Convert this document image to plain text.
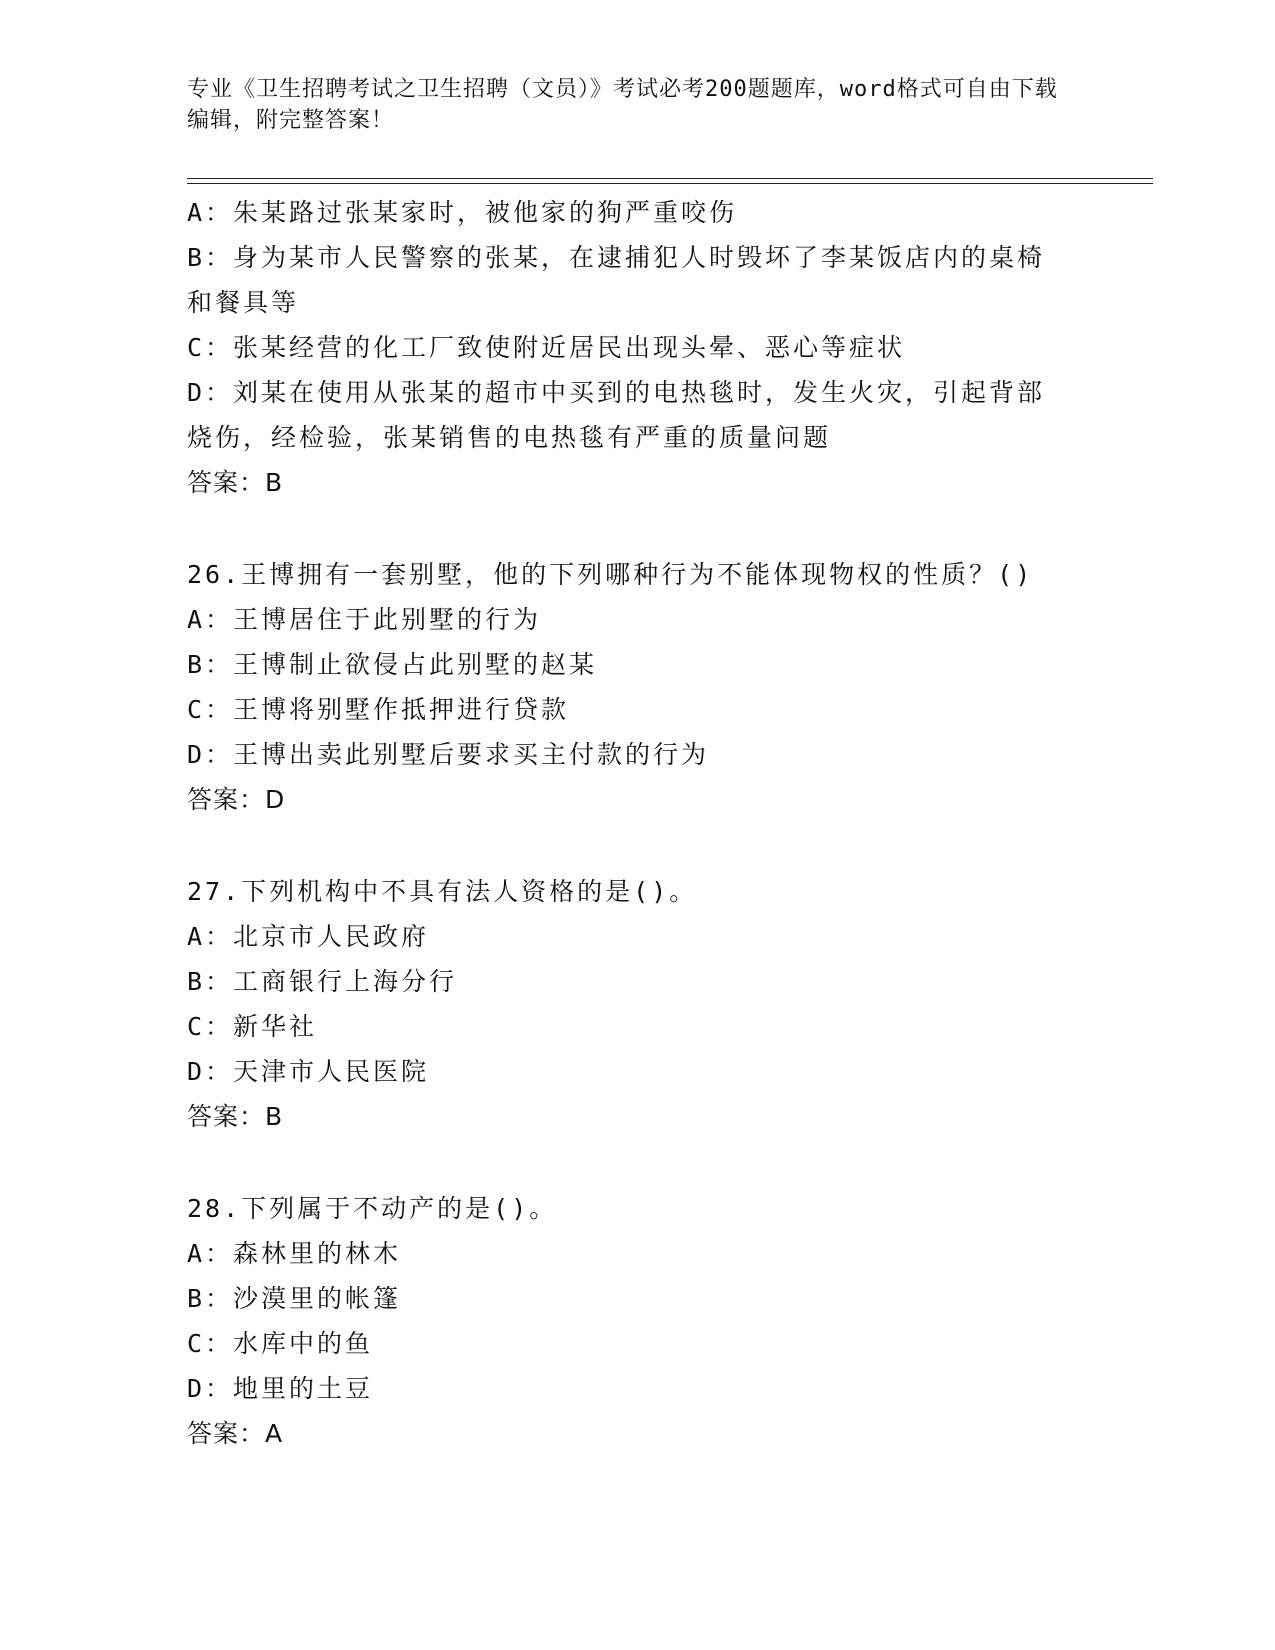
专业《卫生招聘考试之卫生招聘（文员）》考试必考200题题库，word格式可自由下载编辑，附完整答案！
A：朱某路过张某家时，被他家的狗严重咬伤
B：身为某市人民警察的张某，在逮捕犯人时毁坏了李某饭店内的桌椅
和餐具等
C：张某经营的化工厂致使附近居民出现头晕、恶心等症状
D：刘某在使用从张某的超市中买到的电热毯时，发生火灾，引起背部
烧伤，经检验，张某销售的电热毯有严重的质量问题
答案：B
26.王博拥有一套别墅，他的下列哪种行为不能体现物权的性质？()
A：王博居住于此别墅的行为
B：王博制止欲侵占此别墅的赵某
C：王博将别墅作抵押进行贷款
D：王博出卖此别墅后要求买主付款的行为
答案：D
27.下列机构中不具有法人资格的是()。
A：北京市人民政府
B：工商银行上海分行
C：新华社
D：天津市人民医院
答案：B
28.下列属于不动产的是()。
A：森林里的林木
B：沙漠里的帐篷
C：水库中的鱼
D：地里的土豆
答案：A
